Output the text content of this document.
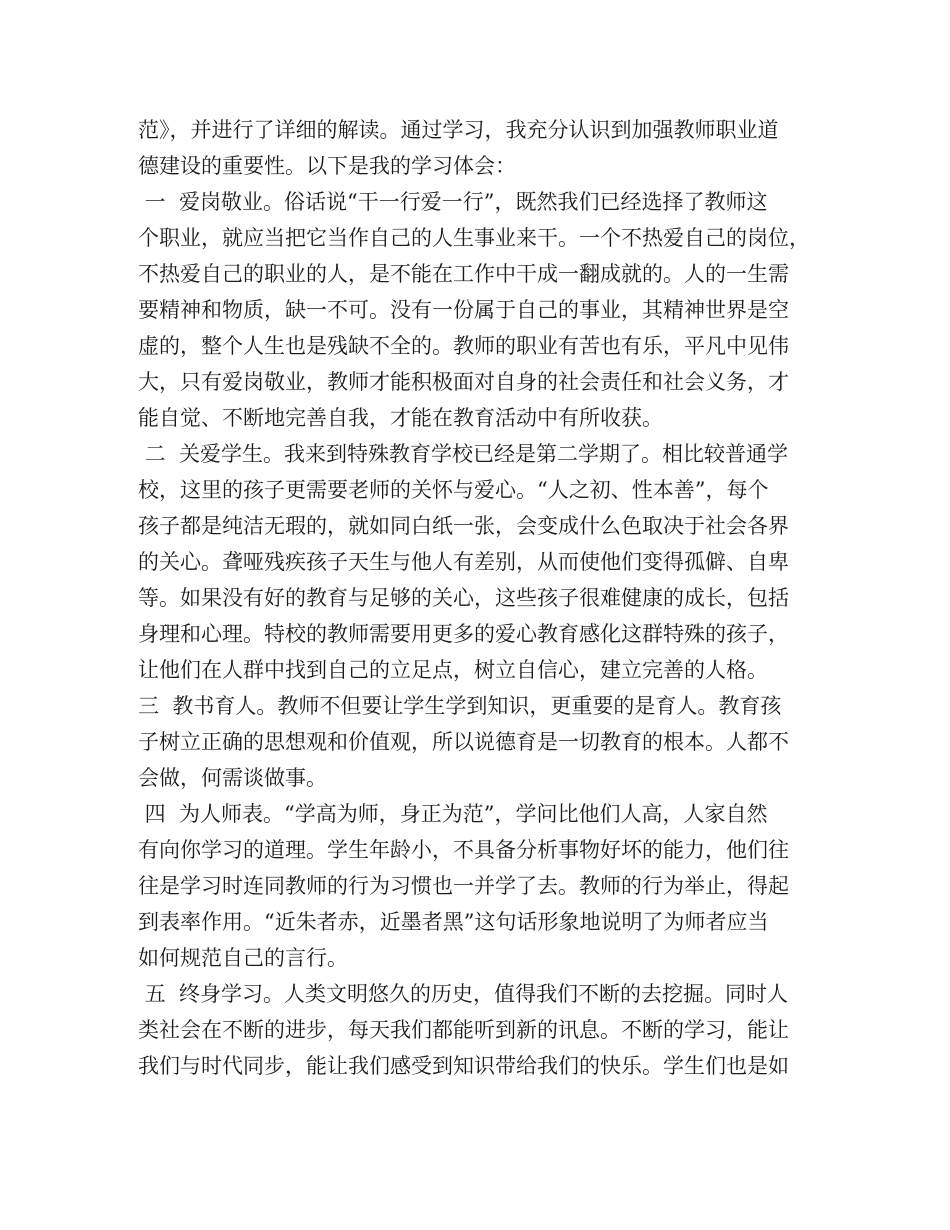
范》，并进行了详细的解读。通过学习，我充分认识到加强教师职业道
德建设的重要性。以下是我的学习体会：
一  爱岗敬业。俗话说“干一行爱一行”，既然我们已经选择了教师这
个职业，就应当把它当作自己的人生事业来干。一个不热爱自己的岗位，
不热爱自己的职业的人，是不能在工作中干成一翻成就的。人的一生需
要精神和物质，缺一不可。没有一份属于自己的事业，其精神世界是空
虚的，整个人生也是残缺不全的。教师的职业有苦也有乐，平凡中见伟
大，只有爱岗敬业，教师才能积极面对自身的社会责任和社会义务，才
能自觉、不断地完善自我，才能在教育活动中有所收获。
二  关爱学生。我来到特殊教育学校已经是第二学期了。相比较普通学
校，这里的孩子更需要老师的关怀与爱心。“人之初、性本善”，每个
孩子都是纯洁无瑕的，就如同白纸一张，会变成什么色取决于社会各界
的关心。聋哑残疾孩子天生与他人有差别，从而使他们变得孤僻、自卑
等。如果没有好的教育与足够的关心，这些孩子很难健康的成长，包括
身理和心理。特校的教师需要用更多的爱心教育感化这群特殊的孩子，
让他们在人群中找到自己的立足点，树立自信心，建立完善的人格。
三  教书育人。教师不但要让学生学到知识，更重要的是育人。教育孩
子树立正确的思想观和价值观，所以说德育是一切教育的根本。人都不
会做，何需谈做事。
四  为人师表。“学高为师，身正为范”，学问比他们人高，人家自然
有向你学习的道理。学生年龄小，不具备分析事物好坏的能力，他们往
往是学习时连同教师的行为习惯也一并学了去。教师的行为举止，得起
到表率作用。“近朱者赤，近墨者黑”这句话形象地说明了为师者应当
如何规范自己的言行。
五  终身学习。人类文明悠久的历史，值得我们不断的去挖掘。同时人
类社会在不断的进步，每天我们都能听到新的讯息。不断的学习，能让
我们与时代同步，能让我们感受到知识带给我们的快乐。学生们也是如
